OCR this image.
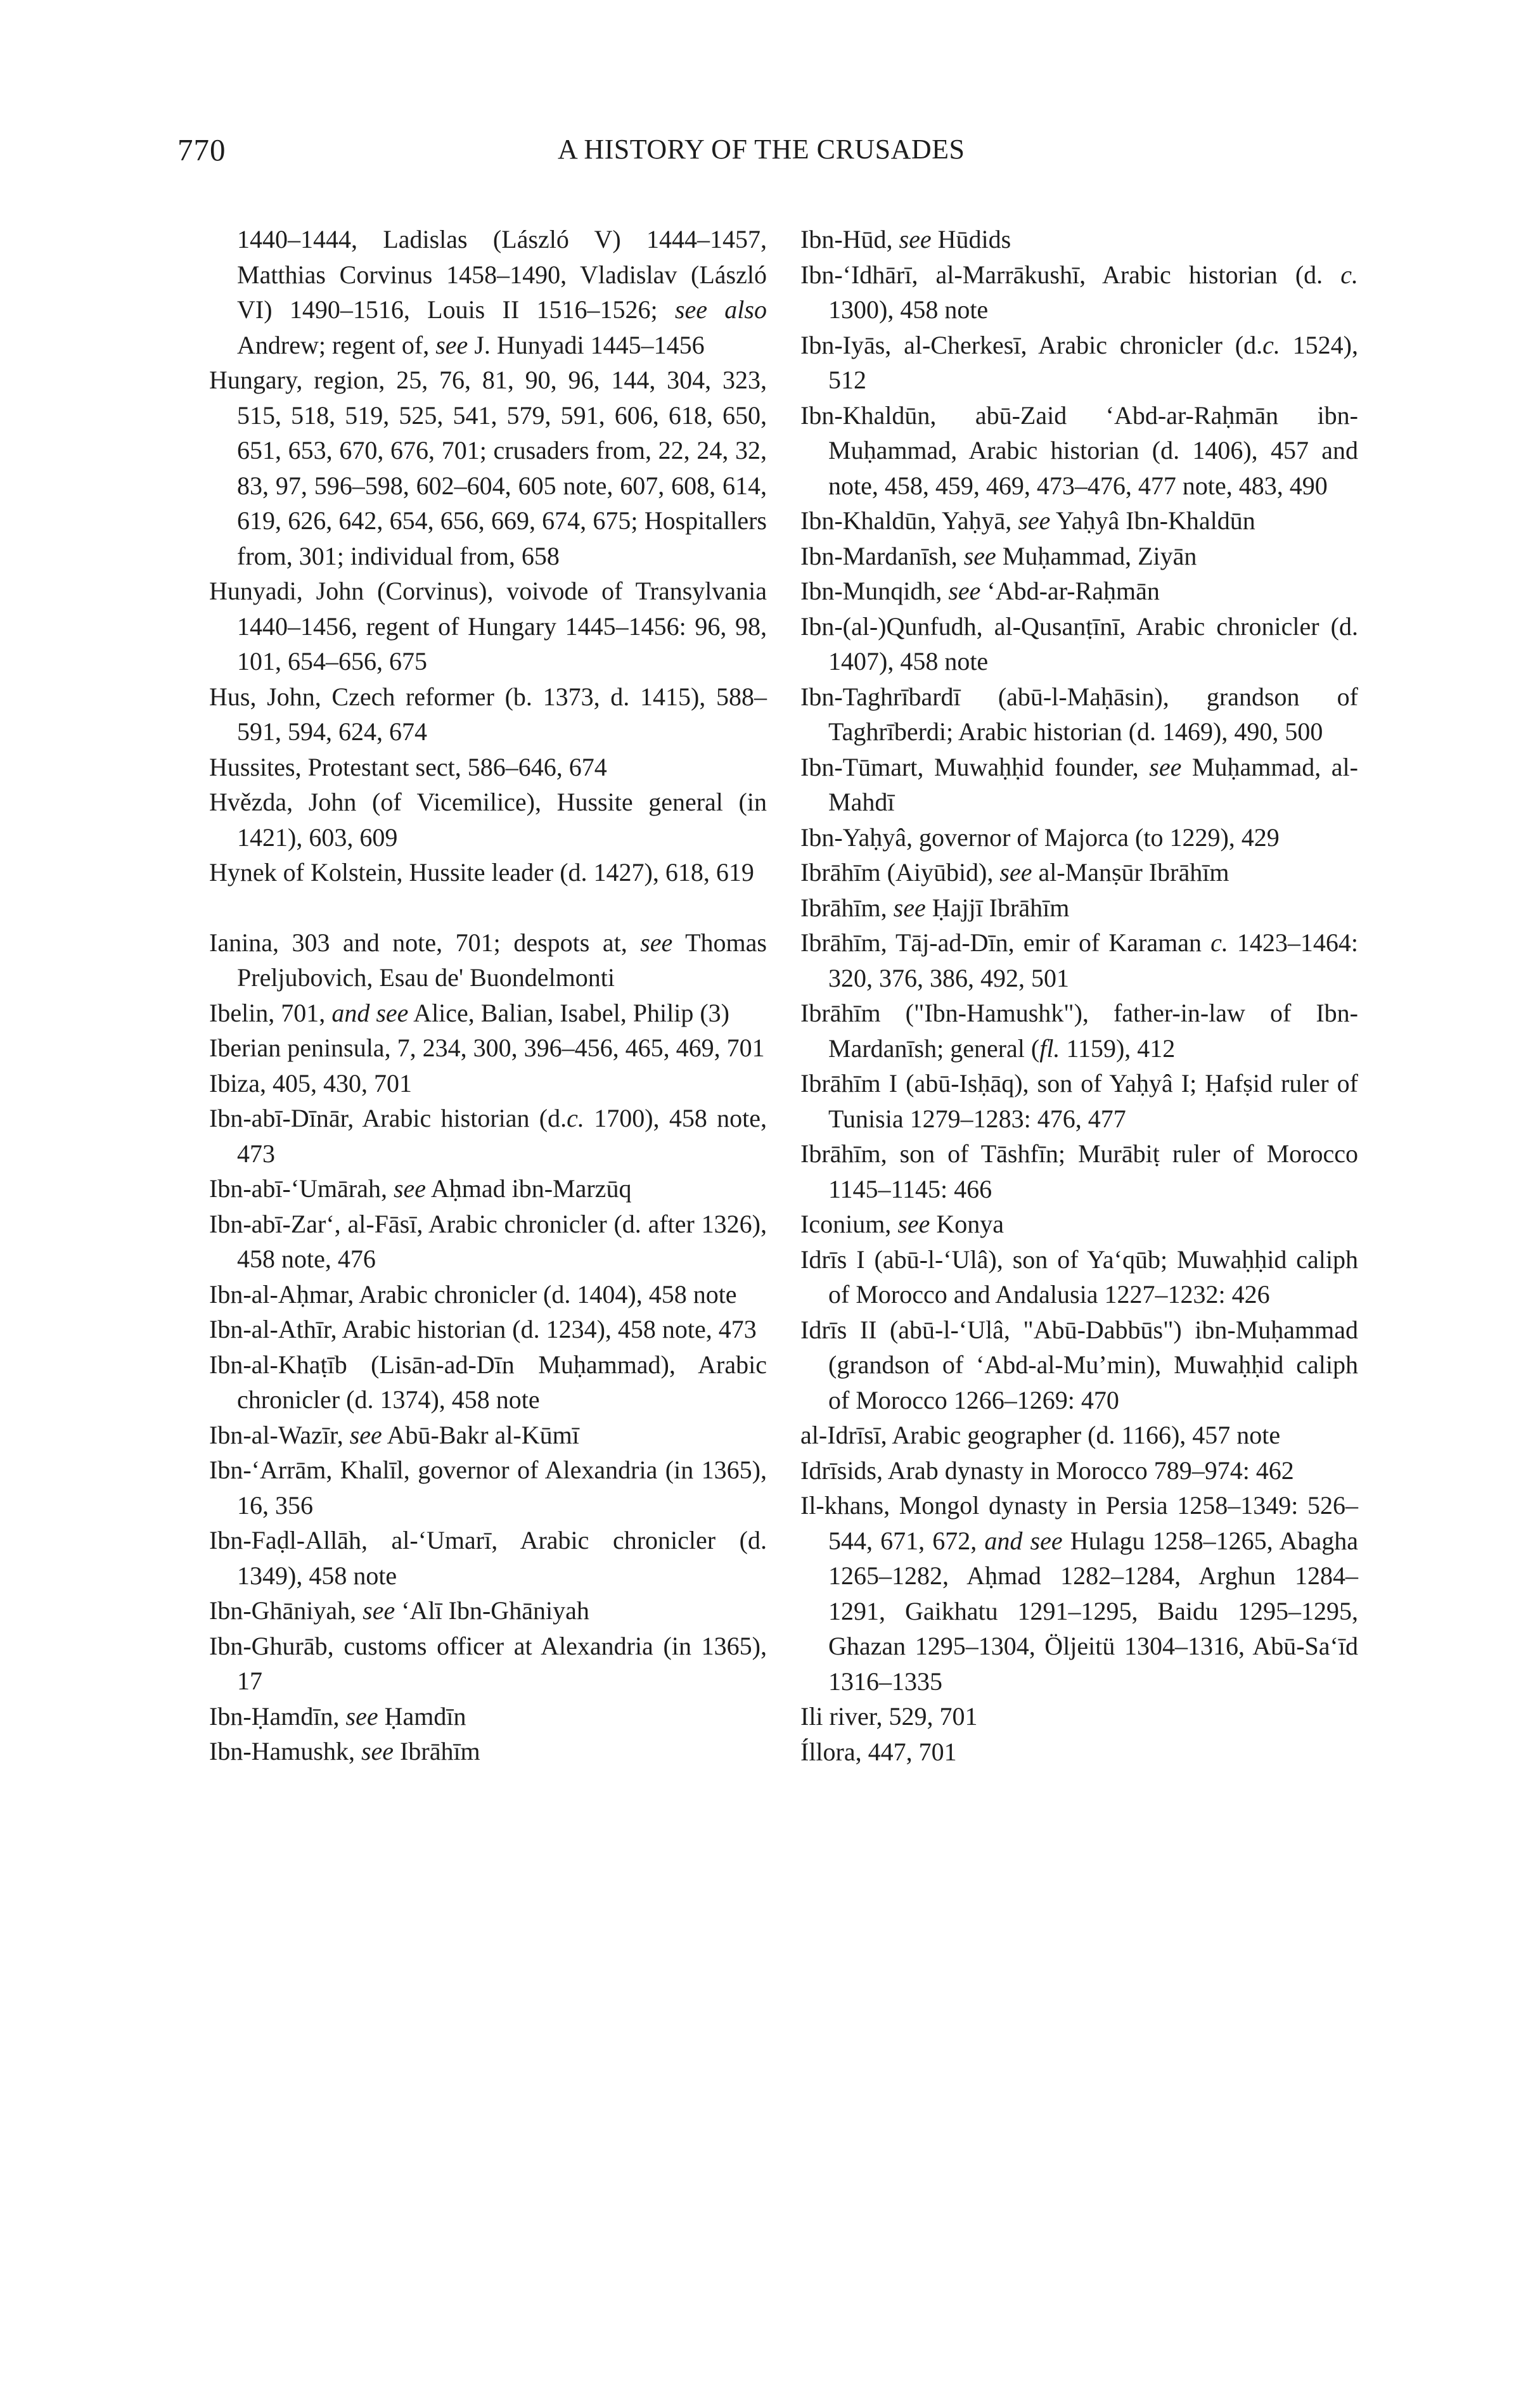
770	A HISTORY OF THE CRUSADES
1440–1444, Ladislas (László V) 1444–1457, Matthias Corvinus 1458–1490, Vladislav (László VI) 1490–1516, Louis II 1516–1526; see also Andrew; regent of, see J. Hunyadi 1445–1456
Hungary, region, 25, 76, 81, 90, 96, 144, 304, 323, 515, 518, 519, 525, 541, 579, 591, 606, 618, 650, 651, 653, 670, 676, 701; crusaders from, 22, 24, 32, 83, 97, 596–598, 602–604, 605 note, 607, 608, 614, 619, 626, 642, 654, 656, 669, 674, 675; Hospitallers from, 301; individual from, 658
Hunyadi, John (Corvinus), voivode of Transylvania 1440–1456, regent of Hungary 1445–1456: 96, 98, 101, 654–656, 675
Hus, John, Czech reformer (b. 1373, d. 1415), 588–591, 594, 624, 674
Hussites, Protestant sect, 586–646, 674
Hvězda, John (of Vicemilice), Hussite general (in 1421), 603, 609
Hynek of Kolstein, Hussite leader (d. 1427), 618, 619
Ianina, 303 and note, 701; despots at, see Thomas Preljubovich, Esau de' Buondelmonti
Ibelin, 701, and see Alice, Balian, Isabel, Philip (3)
Iberian peninsula, 7, 234, 300, 396–456, 465, 469, 701
Ibiza, 405, 430, 701
Ibn-abī-Dīnār, Arabic historian (d.c. 1700), 458 note, 473
Ibn-abī-‘Umārah, see Aḥmad ibn-Marzūq
Ibn-abī-Zar‘, al-Fāsī, Arabic chronicler (d. after 1326), 458 note, 476
Ibn-al-Aḥmar, Arabic chronicler (d. 1404), 458 note
Ibn-al-Athīr, Arabic historian (d. 1234), 458 note, 473
Ibn-al-Khaṭīb (Lisān-ad-Dīn Muḥammad), Arabic chronicler (d. 1374), 458 note
Ibn-al-Wazīr, see Abū-Bakr al-Kūmī
Ibn-‘Arrām, Khalīl, governor of Alexandria (in 1365), 16, 356
Ibn-Faḍl-Allāh, al-‘Umarī, Arabic chronicler (d. 1349), 458 note
Ibn-Ghāniyah, see ‘Alī Ibn-Ghāniyah
Ibn-Ghurāb, customs officer at Alexandria (in 1365), 17
Ibn-Ḥamdīn, see Ḥamdīn
Ibn-Hamushk, see Ibrāhīm
Ibn-Hūd, see Hūdids
Ibn-‘Idhārī, al-Marrākushī, Arabic historian (d. c. 1300), 458 note
Ibn-Iyās, al-Cherkesī, Arabic chronicler (d.c. 1524), 512
Ibn-Khaldūn, abū-Zaid ‘Abd-ar-Raḥmān ibn-Muḥammad, Arabic historian (d. 1406), 457 and note, 458, 459, 469, 473–476, 477 note, 483, 490
Ibn-Khaldūn, Yaḥyā, see Yaḥyâ Ibn-Khaldūn
Ibn-Mardanīsh, see Muḥammad, Ziyān
Ibn-Munqidh, see ‘Abd-ar-Raḥmān
Ibn-(al-)Qunfudh, al-Qusanṭīnī, Arabic chronicler (d. 1407), 458 note
Ibn-Taghrībardī (abū-l-Maḥāsin), grandson of Taghrīberdi; Arabic historian (d. 1469), 490, 500
Ibn-Tūmart, Muwaḥḥid founder, see Muḥammad, al-Mahdī
Ibn-Yaḥyâ, governor of Majorca (to 1229), 429
Ibrāhīm (Aiyūbid), see al-Manṣūr Ibrāhīm
Ibrāhīm, see Ḥajjī Ibrāhīm
Ibrāhīm, Tāj-ad-Dīn, emir of Karaman c. 1423–1464: 320, 376, 386, 492, 501
Ibrāhīm ("Ibn-Hamushk"), father-in-law of Ibn-Mardanīsh; general (fl. 1159), 412
Ibrāhīm I (abū-Isḥāq), son of Yaḥyâ I; Ḥafṣid ruler of Tunisia 1279–1283: 476, 477
Ibrāhīm, son of Tāshfīn; Murābiṭ ruler of Morocco 1145–1145: 466
Iconium, see Konya
Idrīs I (abū-l-‘Ulâ), son of Ya‘qūb; Muwaḥḥid caliph of Morocco and Andalusia 1227–1232: 426
Idrīs II (abū-l-‘Ulâ, "Abū-Dabbūs") ibn-Muḥammad (grandson of ‘Abd-al-Mu’min), Muwaḥḥid caliph of Morocco 1266–1269: 470
al-Idrīsī, Arabic geographer (d. 1166), 457 note
Idrīsids, Arab dynasty in Morocco 789–974: 462
Il-khans, Mongol dynasty in Persia 1258–1349: 526–544, 671, 672, and see Hulagu 1258–1265, Abagha 1265–1282, Aḥmad 1282–1284, Arghun 1284–1291, Gaikhatu 1291–1295, Baidu 1295–1295, Ghazan 1295–1304, Öljeitü 1304–1316, Abū-Sa‘īd 1316–1335
Ili river, 529, 701
Íllora, 447, 701
